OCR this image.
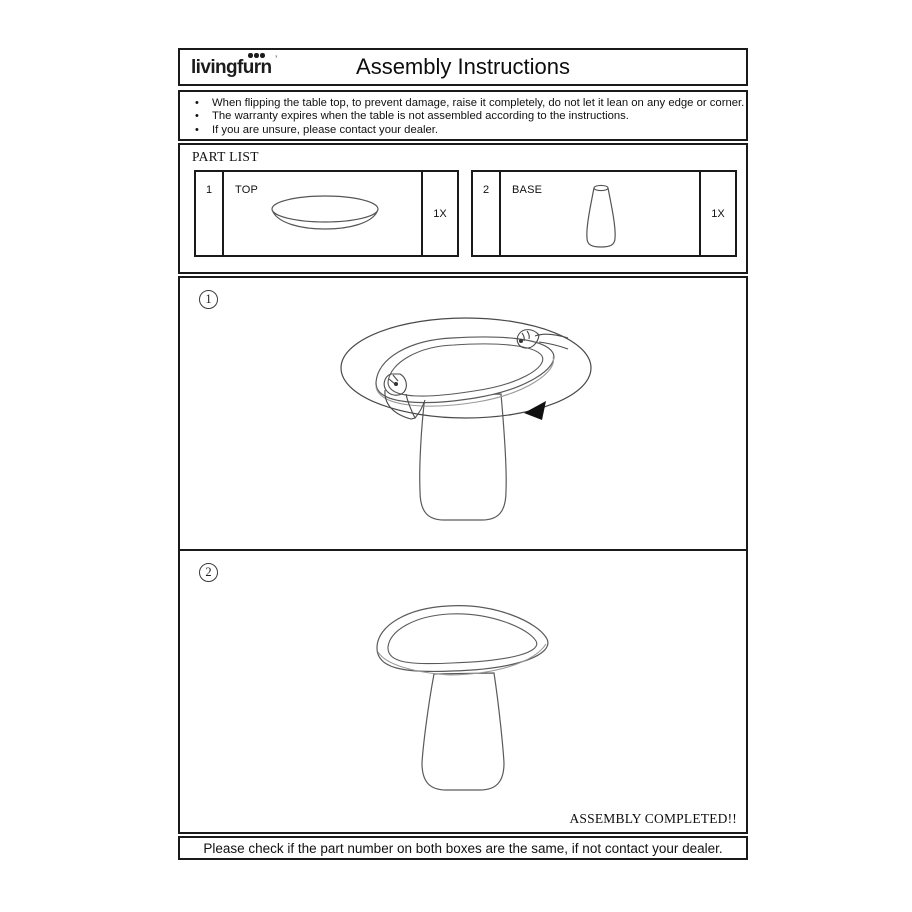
livingfurn ’	Assembly Instructions
• When flipping the table top, to prevent damage, raise it completely, do not let it lean on any edge or corner.
• The warranty expires when the table is not assembled according to the instructions.
• If you are unsure, please contact your dealer.
PART LIST
1	TOP
1X
2	BASE
1X
1
2
ASSEMBLY COMPLETED!!
Please check if the part number on both boxes are the same, if not contact your dealer.
